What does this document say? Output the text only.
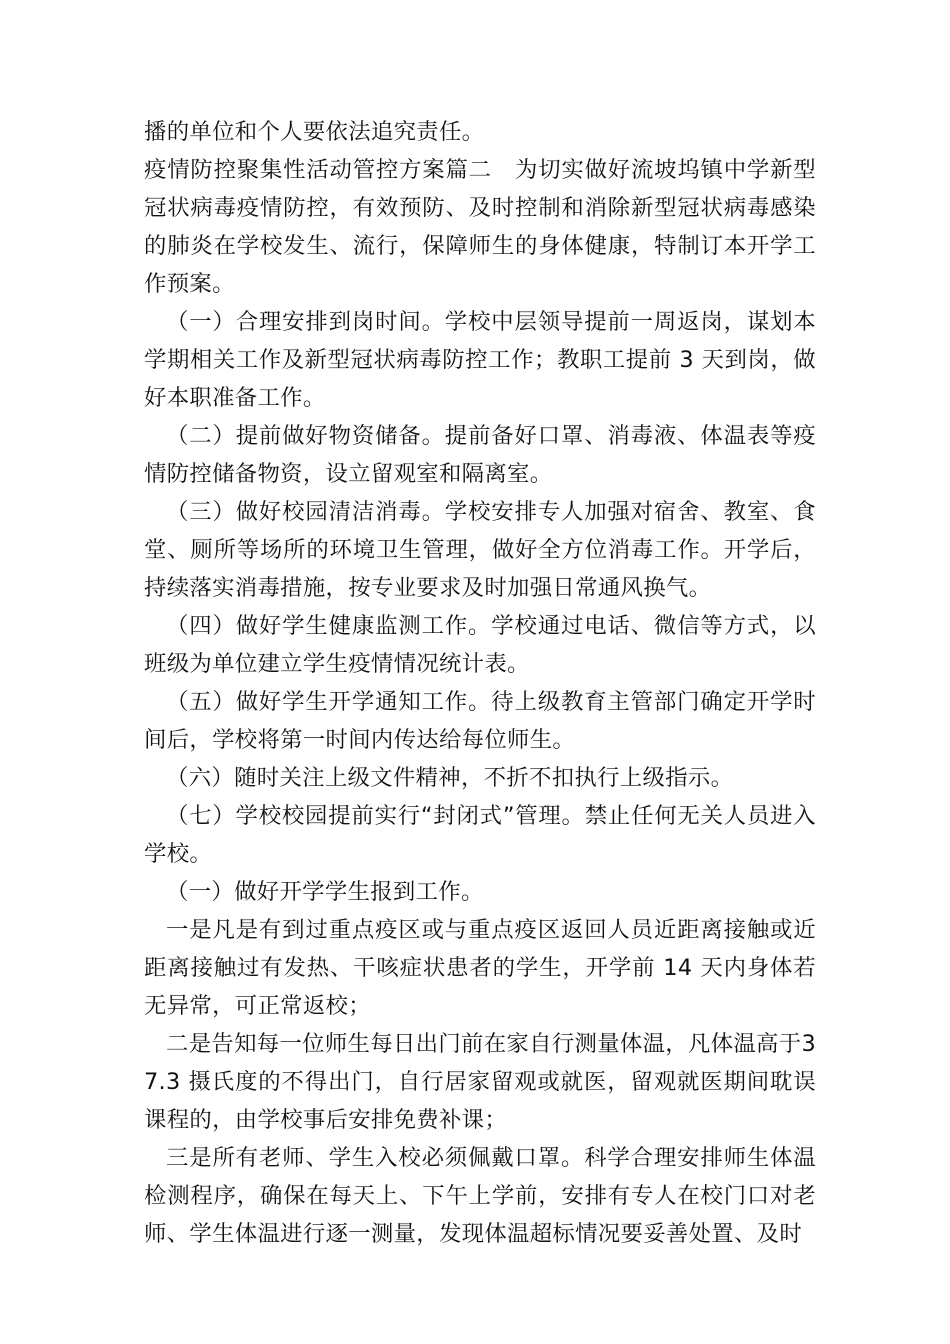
播的单位和个人要依法追究责任。

疫情防控聚集性活动管控方案篇二　为切实做好流坡坞镇中学新型冠状病毒疫情防控，有效预防、及时控制和消除新型冠状病毒感染的肺炎在学校发生、流行，保障师生的身体健康，特制订本开学工作预案。

（一）合理安排到岗时间。学校中层领导提前一周返岗，谋划本学期相关工作及新型冠状病毒防控工作；教职工提前 3 天到岗，做好本职准备工作。

（二）提前做好物资储备。提前备好口罩、消毒液、体温表等疫情防控储备物资，设立留观室和隔离室。

（三）做好校园清洁消毒。学校安排专人加强对宿舍、教室、食堂、厕所等场所的环境卫生管理，做好全方位消毒工作。开学后，持续落实消毒措施，按专业要求及时加强日常通风换气。

（四）做好学生健康监测工作。学校通过电话、微信等方式，以班级为单位建立学生疫情情况统计表。

（五）做好学生开学通知工作。待上级教育主管部门确定开学时间后，学校将第一时间内传达给每位师生。

（六）随时关注上级文件精神，不折不扣执行上级指示。

（七）学校校园提前实行“封闭式”管理。禁止任何无关人员进入学校。

（一）做好开学学生报到工作。

一是凡是有到过重点疫区或与重点疫区返回人员近距离接触或近距离接触过有发热、干咳症状患者的学生，开学前 14 天内身体若无异常，可正常返校；

二是告知每一位师生每日出门前在家自行测量体温，凡体温高于37.3 摄氏度的不得出门，自行居家留观或就医，留观就医期间耽误课程的，由学校事后安排免费补课；

三是所有老师、学生入校必须佩戴口罩。科学合理安排师生体温检测程序，确保在每天上、下午上学前，安排有专人在校门口对老师、学生体温进行逐一测量，发现体温超标情况要妥善处置、及时
